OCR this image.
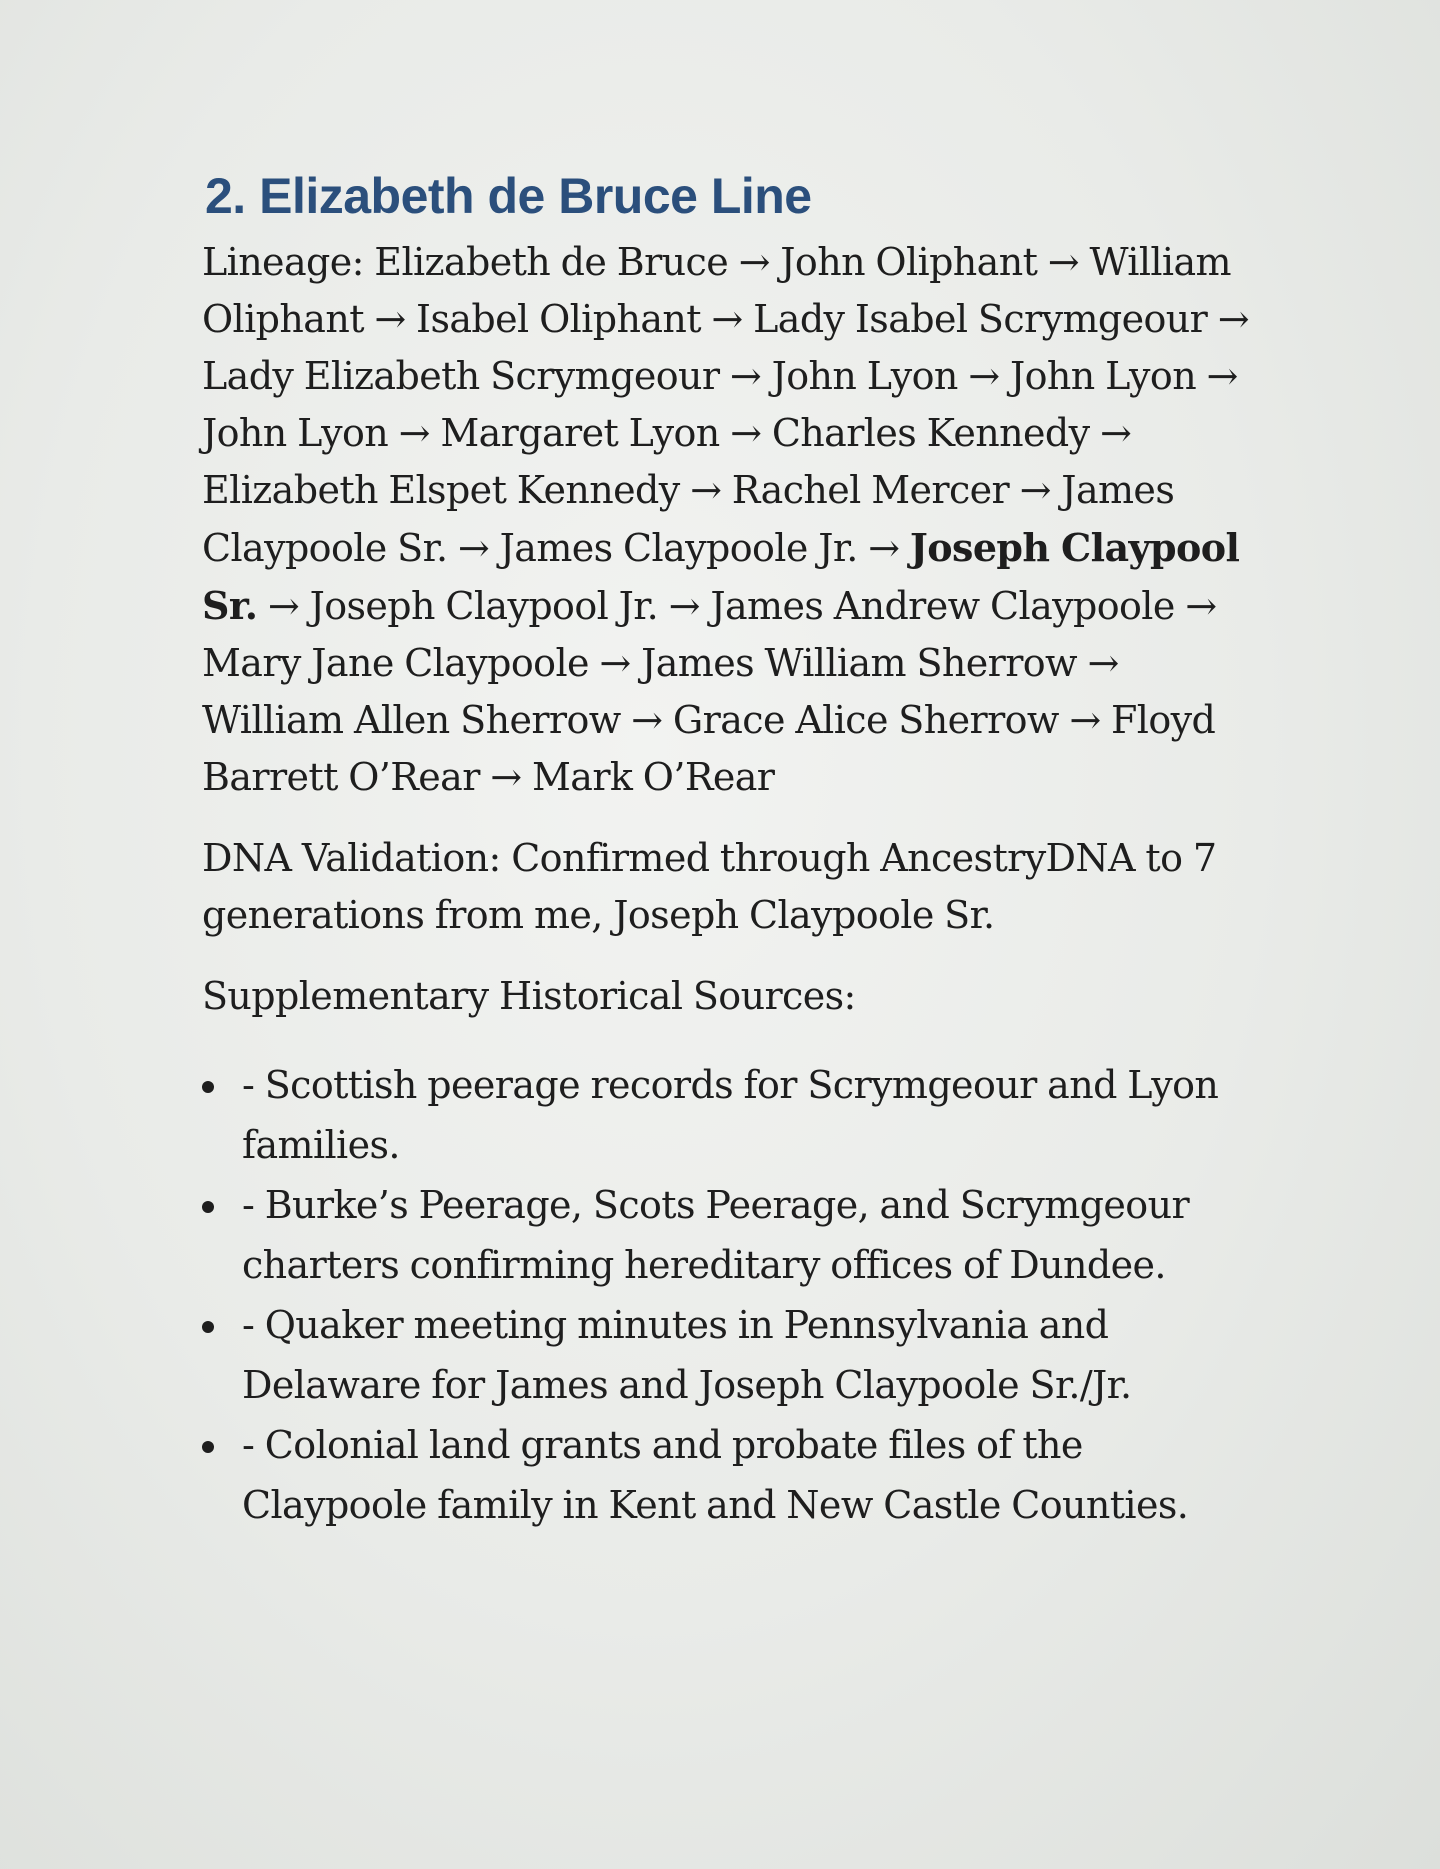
2. Elizabeth de Bruce Line

Lineage: Elizabeth de Bruce → John Oliphant → William Oliphant → Isabel Oliphant → Lady Isabel Scrymgeour → Lady Elizabeth Scrymgeour → John Lyon → John Lyon → John Lyon → Margaret Lyon → Charles Kennedy → Elizabeth Elspet Kennedy → Rachel Mercer → James Claypoole Sr. → James Claypoole Jr. → Joseph Claypool Sr. → Joseph Claypool Jr. → James Andrew Claypoole → Mary Jane Claypoole → James William Sherrow → William Allen Sherrow → Grace Alice Sherrow → Floyd Barrett O’Rear → Mark O’Rear

DNA Validation: Confirmed through AncestryDNA to 7 generations from me, Joseph Claypoole Sr.

Supplementary Historical Sources:

- Scottish peerage records for Scrymgeour and Lyon families.
- Burke’s Peerage, Scots Peerage, and Scrymgeour charters confirming hereditary offices of Dundee.
- Quaker meeting minutes in Pennsylvania and Delaware for James and Joseph Claypoole Sr./Jr.
- Colonial land grants and probate files of the Claypoole family in Kent and New Castle Counties.
